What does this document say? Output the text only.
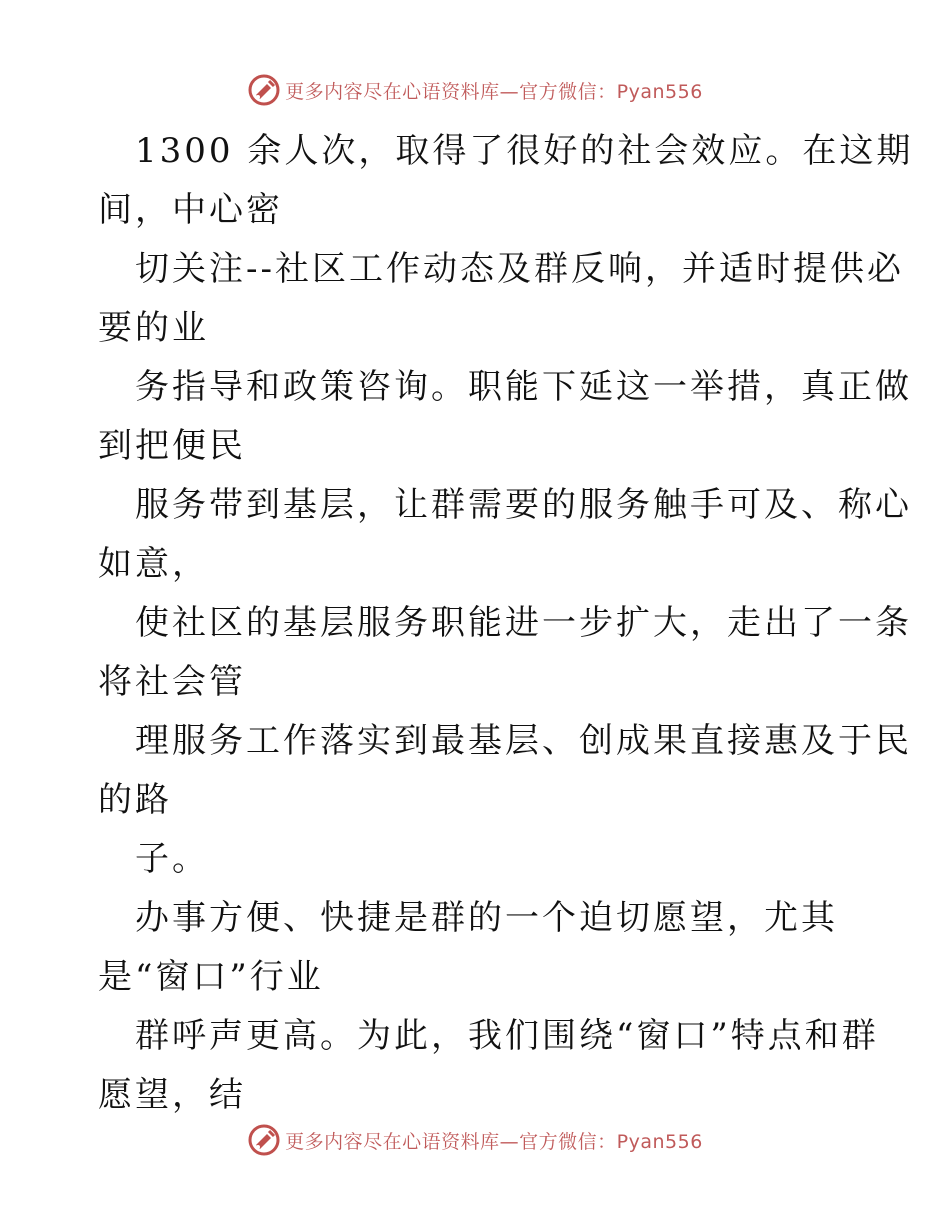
更多内容尽在心语资料库—官方微信：Pyan556
1300 余人次，取得了很好的社会效应。在这期
间，中心密
切关注--社区工作动态及群反响，并适时提供必
要的业
务指导和政策咨询。职能下延这一举措，真正做
到把便民
服务带到基层，让群需要的服务触手可及、称心
如意，
使社区的基层服务职能进一步扩大，走出了一条
将社会管
理服务工作落实到最基层、创成果直接惠及于民
的路
子。
办事方便、快捷是群的一个迫切愿望，尤其
是“窗口”行业
群呼声更高。为此，我们围绕“窗口”特点和群
愿望，结
更多内容尽在心语资料库—官方微信：Pyan556
